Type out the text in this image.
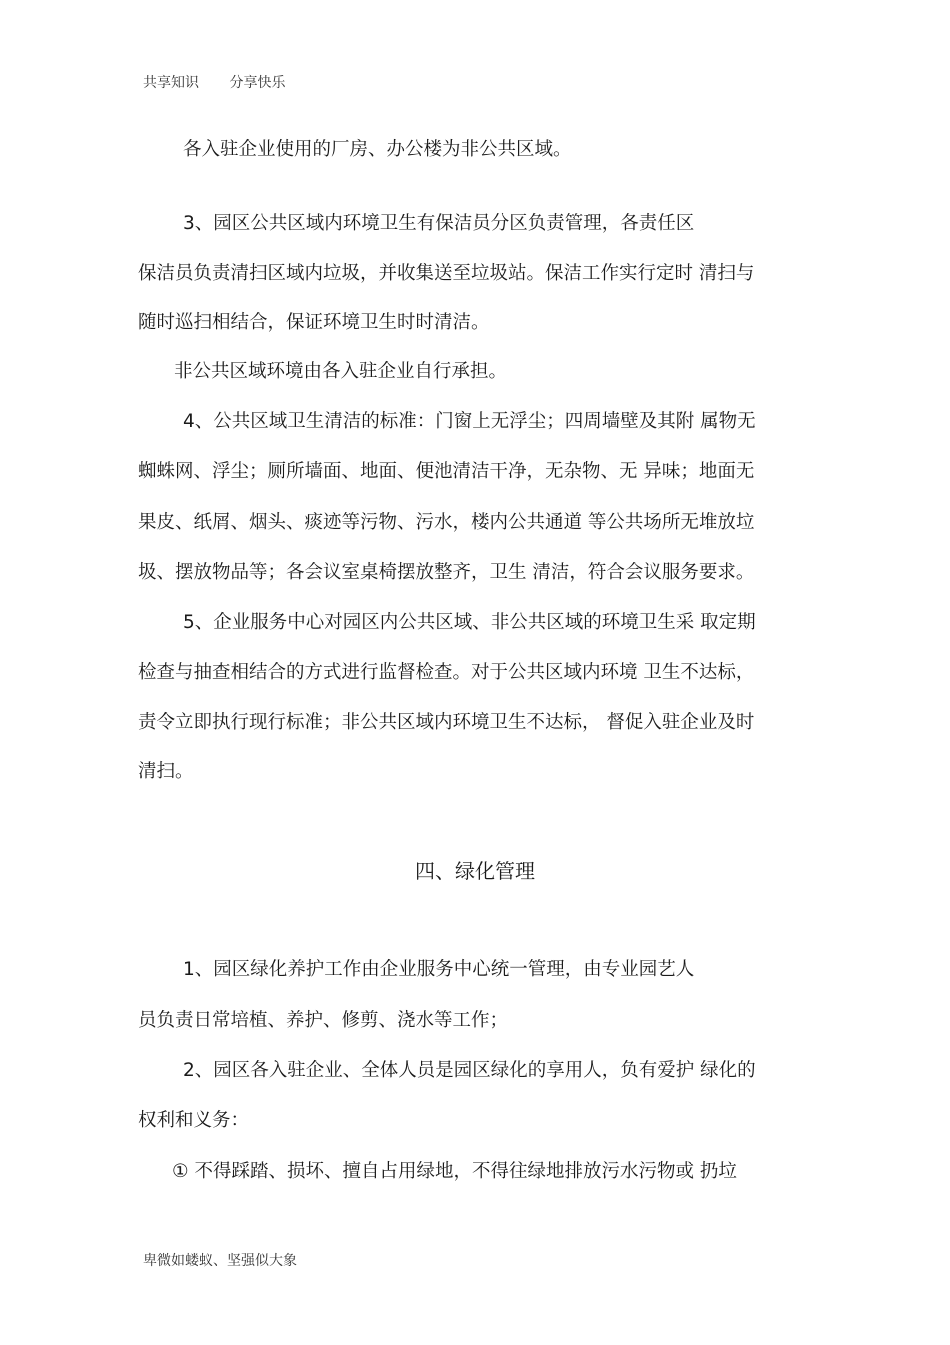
共享知识 分享快乐
各入驻企业使用的厂房、办公楼为非公共区域。
3、园区公共区域内环境卫生有保洁员分区负责管理，各责任区
保洁员负责清扫区域内垃圾，并收集送至垃圾站。保洁工作实行定时 清扫与
随时巡扫相结合，保证环境卫生时时清洁。
非公共区域环境由各入驻企业自行承担。
4、公共区域卫生清洁的标准：门窗上无浮尘；四周墙壁及其附 属物无
蜘蛛网、浮尘；厕所墙面、地面、便池清洁干净，无杂物、无 异味；地面无
果皮、纸屑、烟头、痰迹等污物、污水，楼内公共通道 等公共场所无堆放垃
圾、摆放物品等；各会议室桌椅摆放整齐，卫生 清洁，符合会议服务要求。
5、企业服务中心对园区内公共区域、非公共区域的环境卫生采 取定期
检查与抽查相结合的方式进行监督检查。对于公共区域内环境 卫生不达标，
责令立即执行现行标准；非公共区域内环境卫生不达标， 督促入驻企业及时
清扫。
四、绿化管理
1、园区绿化养护工作由企业服务中心统一管理，由专业园艺人
员负责日常培植、养护、修剪、浇水等工作；
2、园区各入驻企业、全体人员是园区绿化的享用人，负有爱护 绿化的
权利和义务：
① 不得踩踏、损坏、擅自占用绿地，不得往绿地排放污水污物或 扔垃
卑微如蝼蚁、坚强似大象
